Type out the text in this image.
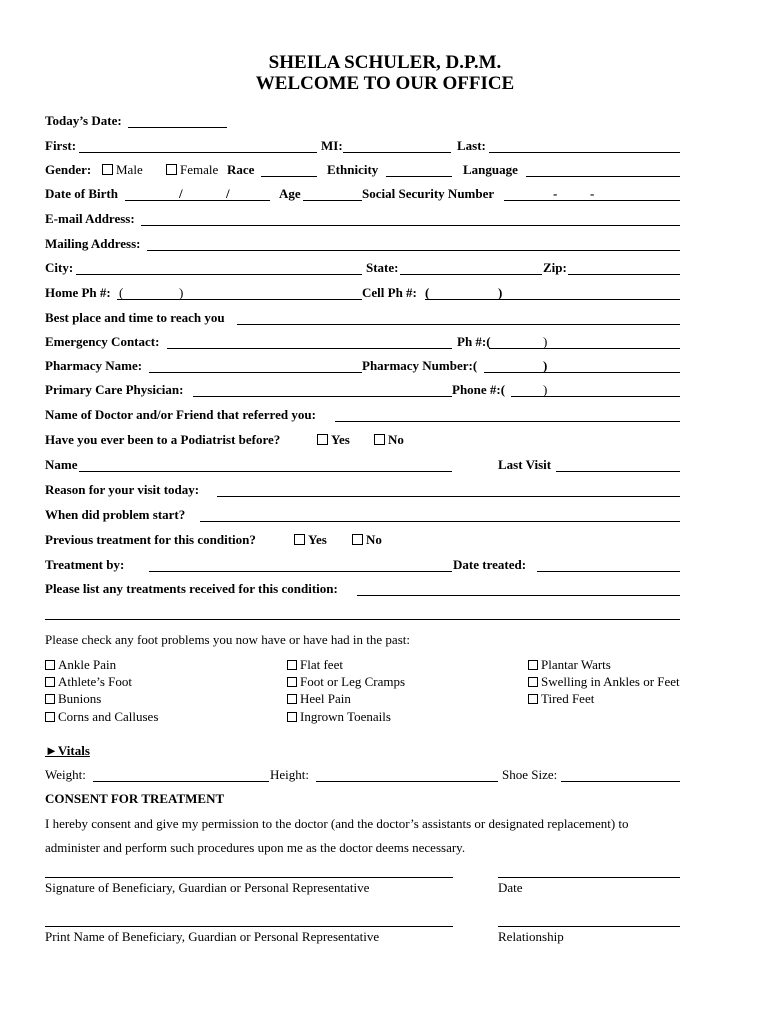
SHEILA SCHULER, D.P.M.
WELCOME TO OUR OFFICE
Today’s Date:
First:	MI:	Last:
Gender:	Male	Female Race	Ethnicity	Language
Date of Birth	/	/	Age	Social Security Number	-	-
E-mail Address:
Mailing Address:
City:	State:	Zip:
Home Ph #: (	)	Cell Ph #: (	)
Best place and time to reach you
Emergency Contact:	Ph #:(	)
Pharmacy Name:	Pharmacy Number:(	)
Primary Care Physician:	Phone #:(	)
Name of Doctor and/or Friend that referred you:
Have you ever been to a Podiatrist before?	Yes	No
Name	Last Visit
Reason for your visit today:
When did problem start?
Previous treatment for this condition?	Yes	No
Treatment by:	Date treated:
Please list any treatments received for this condition:
Please check any foot problems you now have or have had in the past:
Ankle Pain
Athlete’s Foot
Bunions
Corns and Calluses
Flat feet
Foot or Leg Cramps
Heel Pain
Ingrown Toenails
Plantar Warts
Swelling in Ankles or Feet
Tired Feet
►Vitals
Weight:	Height:	Shoe Size:
CONSENT FOR TREATMENT
I hereby consent and give my permission to the doctor (and the doctor’s assistants or designated replacement) to
administer and perform such procedures upon me as the doctor deems necessary.
Signature of Beneficiary, Guardian or Personal Representative	Date
Print Name of Beneficiary, Guardian or Personal Representative	Relationship
